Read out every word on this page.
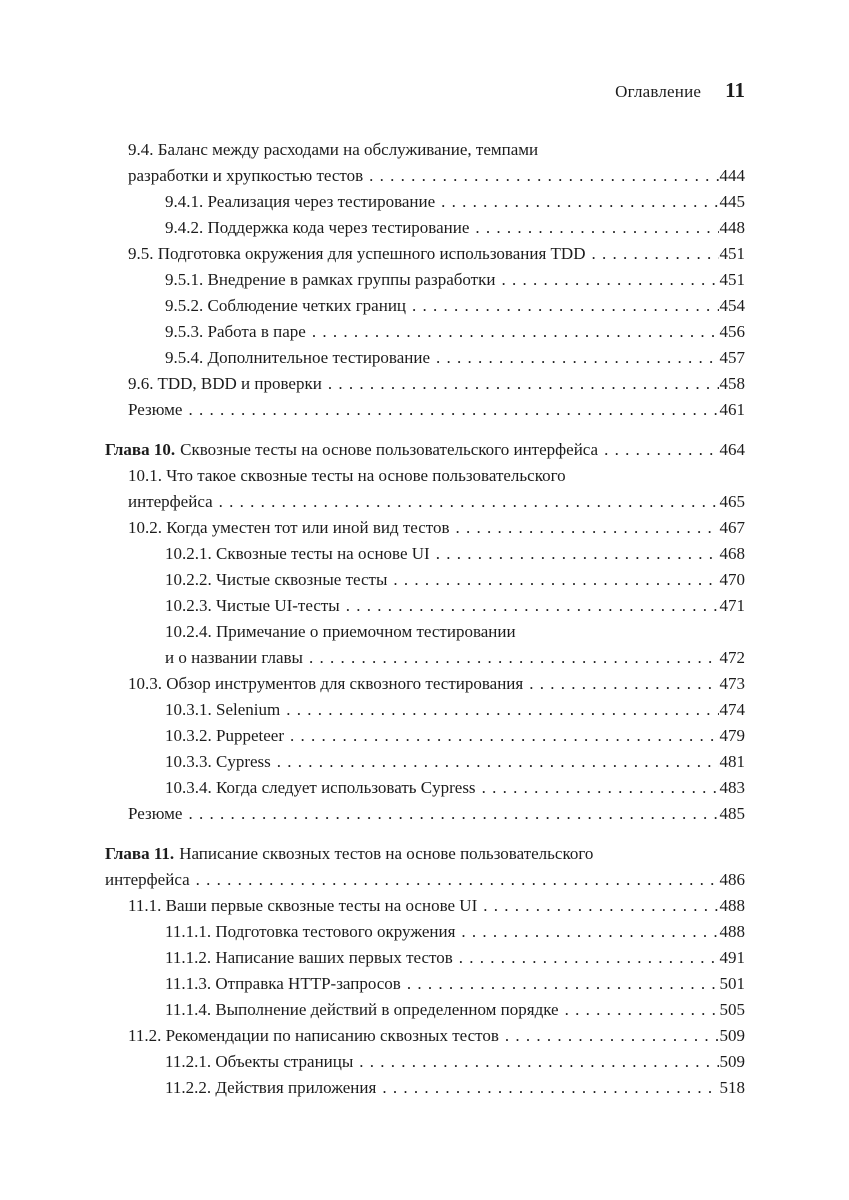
Оглавление 11
9.4. Баланс между расходами на обслуживание, темпами
разработки и хрупкостью тестов . . .	444
9.4.1. Реализация через тестирование . . .	445
9.4.2. Поддержка кода через тестирование . . .	448
9.5. Подготовка окружения для успешного использования TDD . . .	451
9.5.1. Внедрение в рамках группы разработки . . .	451
9.5.2. Соблюдение четких границ . . .	454
9.5.3. Работа в паре . . .	456
9.5.4. Дополнительное тестирование . . .	457
9.6. TDD, BDD и проверки . . .	458
Резюме . . .	461
Глава 10. Сквозные тесты на основе пользовательского интерфейса . . .	464
10.1. Что такое сквозные тесты на основе пользовательского
интерфейса . . .	465
10.2. Когда уместен тот или иной вид тестов . . .	467
10.2.1. Сквозные тесты на основе UI . . .	468
10.2.2. Чистые сквозные тесты . . .	470
10.2.3. Чистые UI-тесты . . .	471
10.2.4. Примечание о приемочном тестировании
и о названии главы . . .	472
10.3. Обзор инструментов для сквозного тестирования . . .	473
10.3.1. Selenium . . .	474
10.3.2. Puppeteer . . .	479
10.3.3. Cypress . . .	481
10.3.4. Когда следует использовать Cypress . . .	483
Резюме . . .	485
Глава 11. Написание сквозных тестов на основе пользовательского
интерфейса . . .	486
11.1. Ваши первые сквозные тесты на основе UI . . .	488
11.1.1. Подготовка тестового окружения . . .	488
11.1.2. Написание ваших первых тестов . . .	491
11.1.3. Отправка HTTP-запросов . . .	501
11.1.4. Выполнение действий в определенном порядке . . .	505
11.2. Рекомендации по написанию сквозных тестов . . .	509
11.2.1. Объекты страницы . . .	509
11.2.2. Действия приложения . . .	518
